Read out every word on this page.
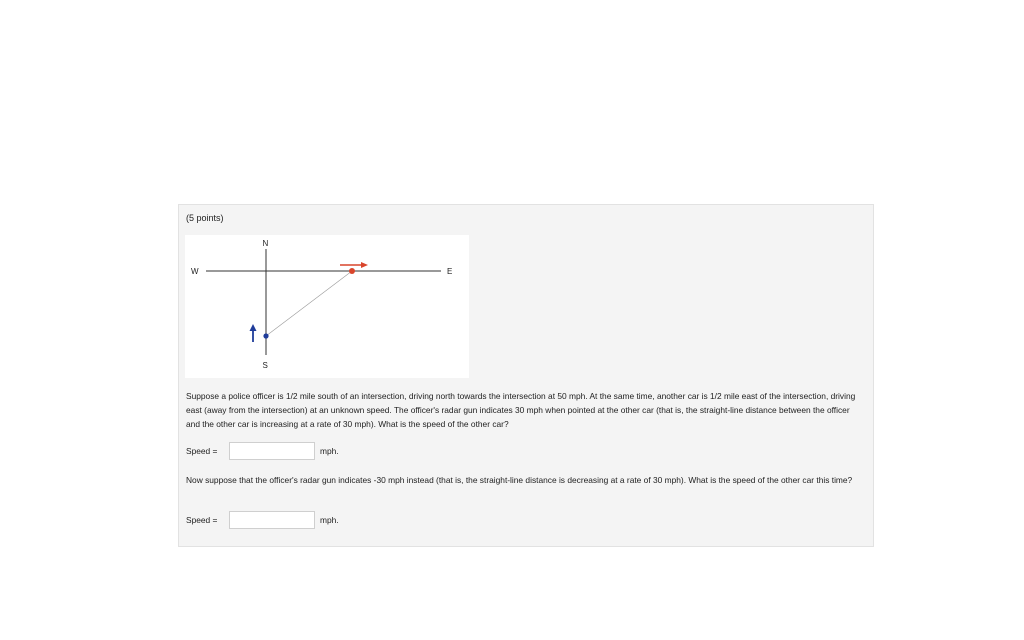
(5 points)
N
S
W	E

Suppose a police officer is 1/2 mile south of an intersection, driving north towards the intersection at 50 mph. At the same time, another car is 1/2 mile east of the intersection, driving east (away from the intersection) at an unknown speed. The officer's radar gun indicates 30 mph when pointed at the other car (that is, the straight-line distance between the officer and the other car is increasing at a rate of 30 mph). What is the speed of the other car?

Speed =	mph.

Now suppose that the officer's radar gun indicates -30 mph instead (that is, the straight-line distance is decreasing at a rate of 30 mph). What is the speed of the other car this time?

Speed =	mph.
